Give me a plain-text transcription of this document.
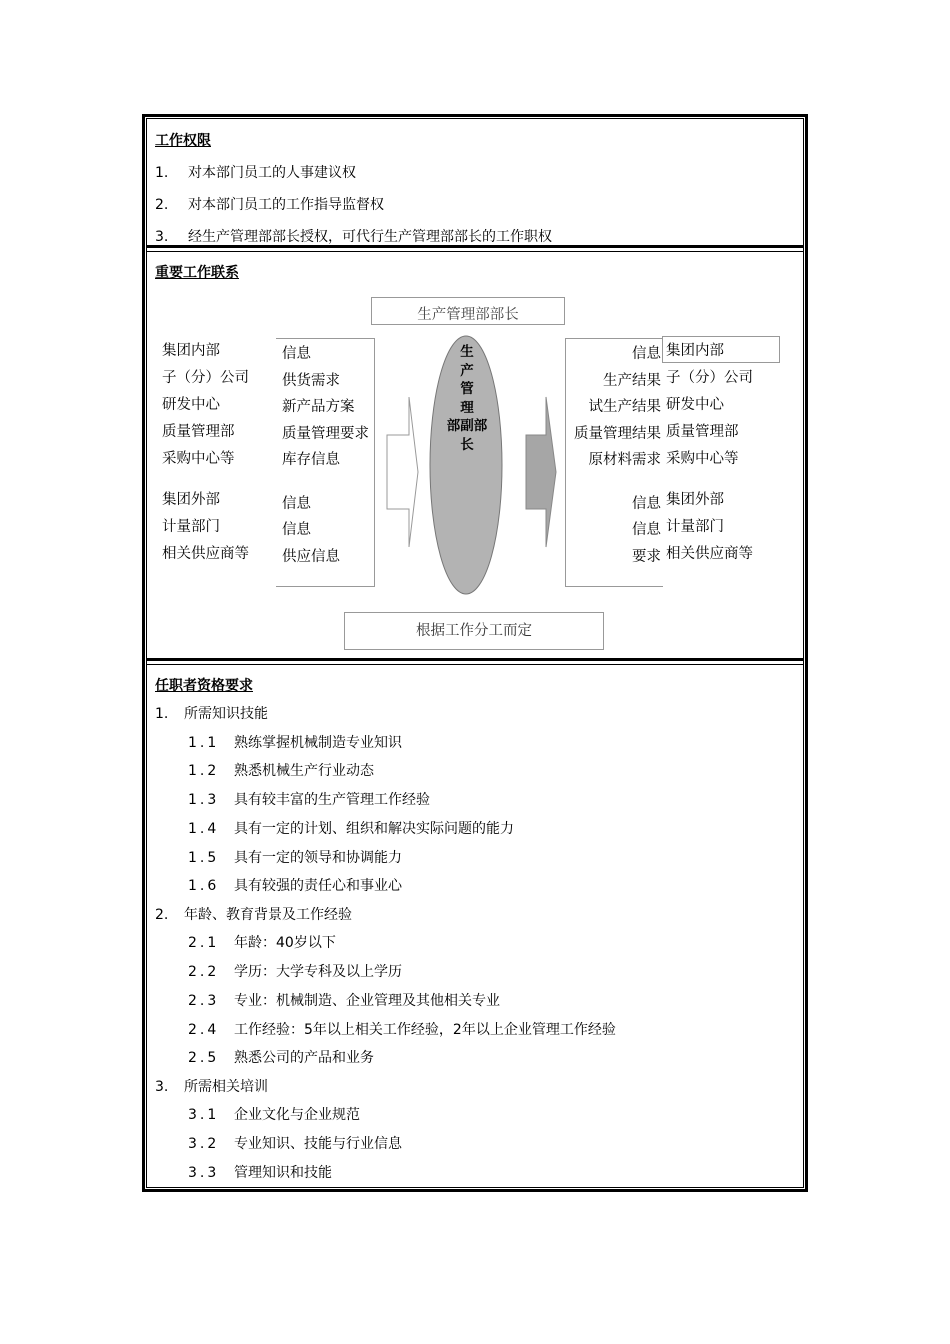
工作权限
1. 对本部门员工的人事建议权
2. 对本部门员工的工作指导监督权
3. 经生产管理部部长授权，可代行生产管理部部长的工作职权
重要工作联系
生产管理部部长
生
产
管
理
部副部
长
集团内部
子（分）公司
研发中心
质量管理部
采购中心等
集团外部
计量部门
相关供应商等
信息
供货需求
新产品方案
质量管理要求
库存信息
信息
信息
供应信息
信息
生产结果
试生产结果
质量管理结果
原材料需求
信息
信息
要求
集团内部
子（分）公司
研发中心
质量管理部
采购中心等
集团外部
计量部门
相关供应商等
根据工作分工而定
任职者资格要求
1. 所需知识技能
1.1 熟练掌握机械制造专业知识
1.2 熟悉机械生产行业动态
1.3 具有较丰富的生产管理工作经验
1.4 具有一定的计划、组织和解决实际问题的能力
1.5 具有一定的领导和协调能力
1.6 具有较强的责任心和事业心
2. 年龄、教育背景及工作经验
2.1 年龄：40岁以下
2.2 学历：大学专科及以上学历
2.3 专业：机械制造、企业管理及其他相关专业
2.4 工作经验：5年以上相关工作经验，2年以上企业管理工作经验
2.5 熟悉公司的产品和业务
3. 所需相关培训
3.1 企业文化与企业规范
3.2 专业知识、技能与行业信息
3.3 管理知识和技能
